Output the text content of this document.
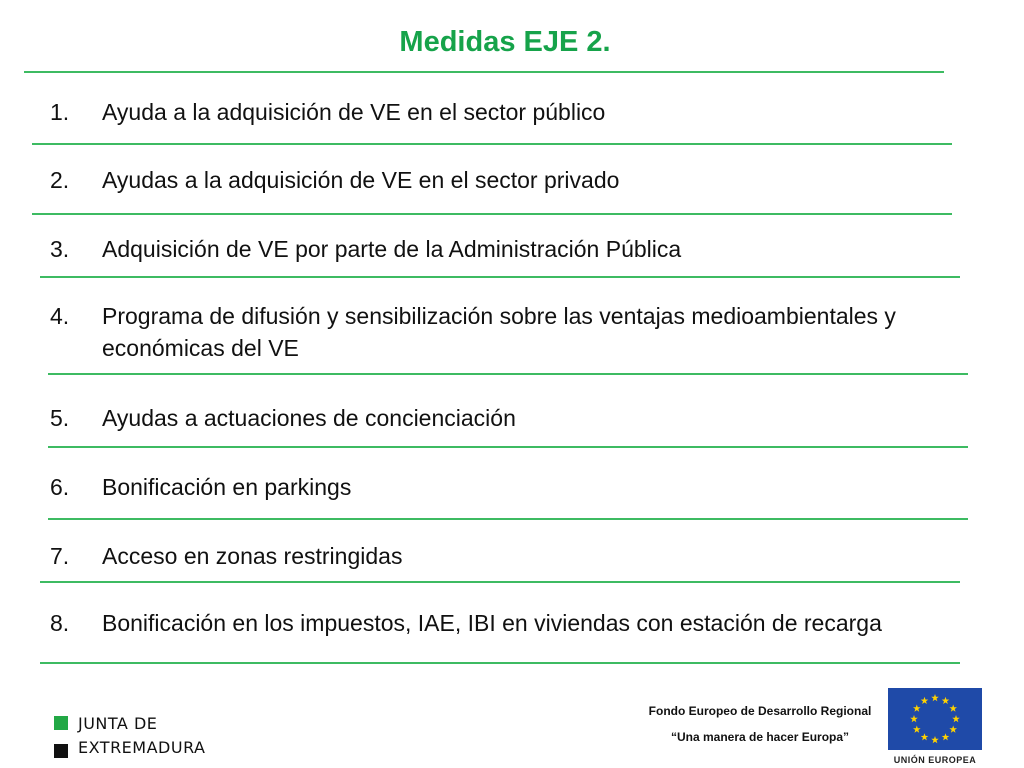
Medidas EJE 2.
1.	Ayuda a la adquisición de VE en el sector público
2.	Ayudas a la adquisición de VE en el sector privado
3.	Adquisición de VE por parte de la Administración Pública
4.	Programa de difusión y sensibilización sobre las ventajas medioambientales y económicas del VE
5.	Ayudas a actuaciones de concienciación
6.	Bonificación en parkings
7.	Acceso en zonas restringidas
8.	Bonificación en los impuestos, IAE, IBI en viviendas con estación de recarga
JUNTA DE
EXTREMADURA
Fondo Europeo de Desarrollo Regional
“Una manera de hacer Europa”
UNIÓN EUROPEA
